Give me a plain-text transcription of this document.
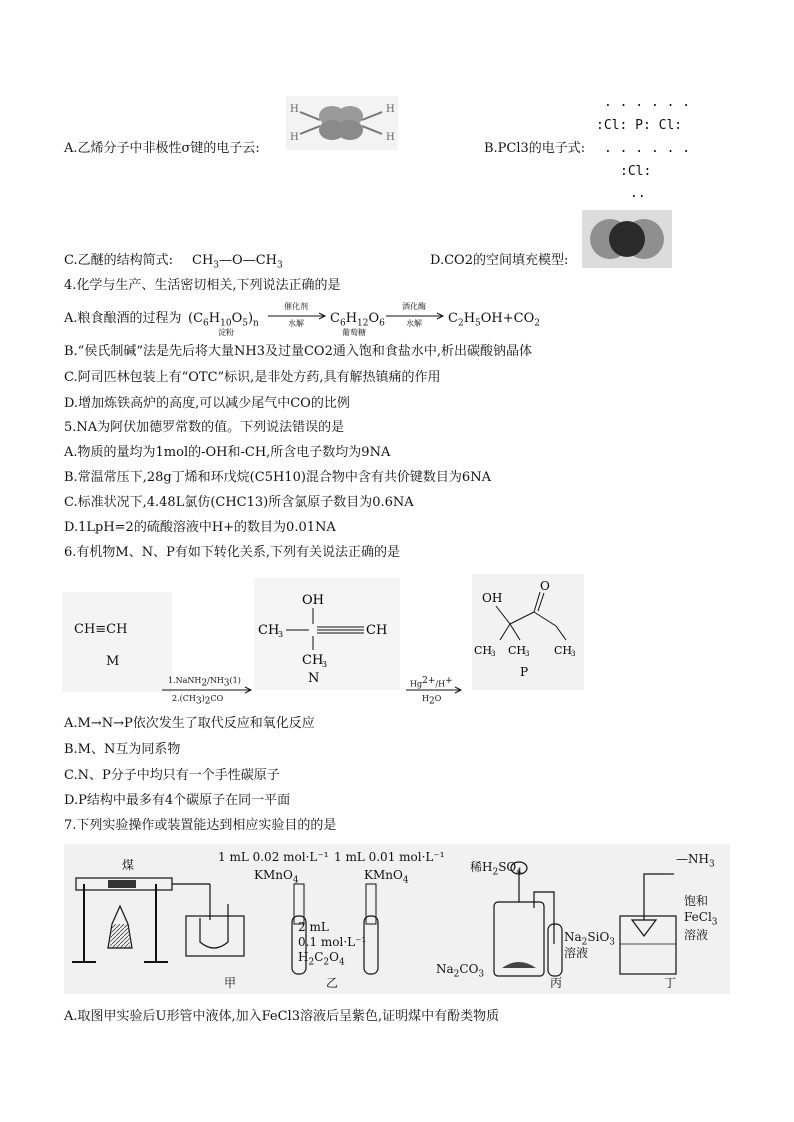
A.乙烯分子中非极性σ键的电子云:
H
H
H
H
B.PCl3的电子式:
. . . . . .
:Cl: P: Cl:
. . . . . .
:Cl:
..
C.乙醚的结构简式: $CH_3—O—CH_3$	D.CO2的空间填充模型:
4.化学与生产、生活密切相关,下列说法正确的是
A.粮食酿酒的过程为 $(C_6H_{10}O_5)_n$
淀粉
催化剂
水解 $C_6H_{12}O_6$
葡萄糖
酒化酶
水解 $C_2H_5OH+CO_2$
B.“侯氏制碱”法是先后将大量NH3及过量CO2通入饱和食盐水中,析出碳酸钠晶体
C.阿司匹林包装上有“OTC”标识,是非处方药,具有解热镇痛的作用
D.增加炼铁高炉的高度,可以减少尾气中CO的比例
5.NA为阿伏加德罗常数的值。下列说法错误的是
A.物质的量均为1mol的-OH和-CH,所含电子数均为9NA
B.常温常压下,28g丁烯和环戊烷(C5H10)混合物中含有共价键数目为6NA
C.标准状况下,4.48L氯仿(CHC13)所含氯原子数目为0.6NA
D.1LpH=2的硫酸溶液中H+的数目为0.01NA
6.有机物M、N、P有如下转化关系,下列有关说法正确的是
CH≡CH
M
OH
CH
3	CH
CH
3
N
OH
O
CH
3 CH
3 CH
3
P
$1.NaNH_2/NH_3(1)$
$2.(CH_3)_2CO$
$Hg^{2+}/H^+$
$H_2O$
A.M→N→P依次发生了取代反应和氧化反应
B.M、N互为同系物
C.N、P分子中均只有一个手性碳原子
D.P结构中最多有4个碳原子在同一平面
7.下列实验操作或装置能达到相应实验目的的是
煤
甲
1 mL 0.02 mol·L⁻¹ 1 mL 0.01 mol·L⁻¹
KMnO$_4$	KMnO$_4$
2 mL
0.1 mol·L⁻¹
$H_2C_2O_4$
乙
稀$H_2SO_4$
$Na_2CO_3$
$Na_2SiO_3$
溶液
丙
$—NH_3$
饱和
FeCl$_3$
溶液
丁
A.取图甲实验后U形管中液体,加入FeCl3溶液后呈紫色,证明煤中有酚类物质
